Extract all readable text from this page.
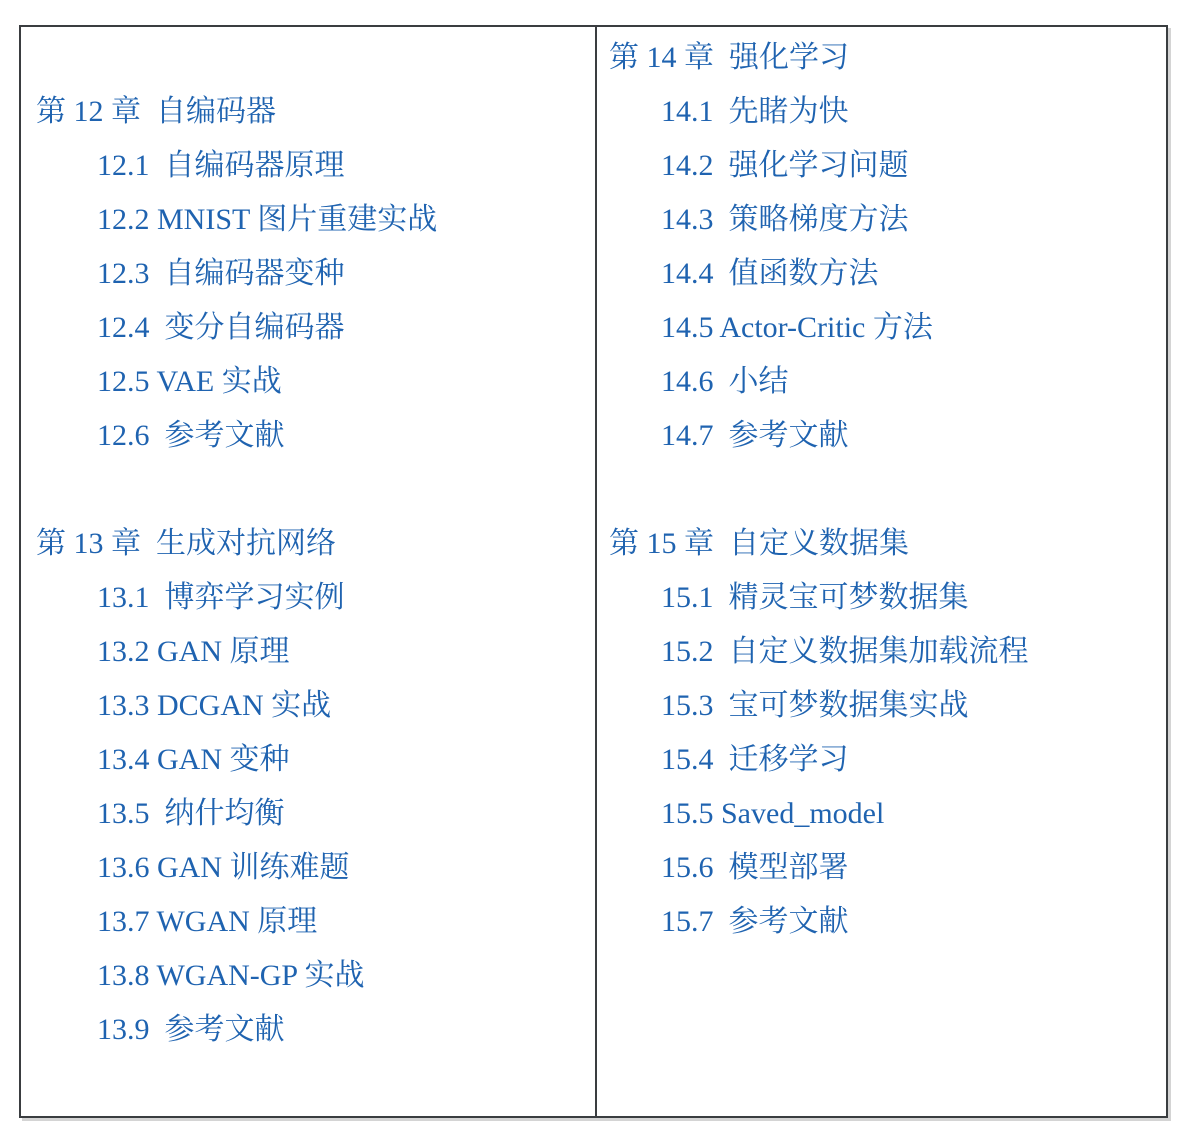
第 12 章  自编码器
12.1  自编码器原理
12.2 MNIST 图片重建实战
12.3  自编码器变种
12.4  变分自编码器
12.5 VAE 实战
12.6  参考文献
第 13 章  生成对抗网络
13.1  博弈学习实例
13.2 GAN 原理
13.3 DCGAN 实战
13.4 GAN 变种
13.5  纳什均衡
13.6 GAN 训练难题
13.7 WGAN 原理
13.8 WGAN-GP 实战
13.9  参考文献
第 14 章  强化学习
14.1  先睹为快
14.2  强化学习问题
14.3  策略梯度方法
14.4  值函数方法
14.5 Actor-Critic 方法
14.6  小结
14.7  参考文献
第 15 章  自定义数据集
15.1  精灵宝可梦数据集
15.2  自定义数据集加载流程
15.3  宝可梦数据集实战
15.4  迁移学习
15.5 Saved_model
15.6  模型部署
15.7  参考文献
